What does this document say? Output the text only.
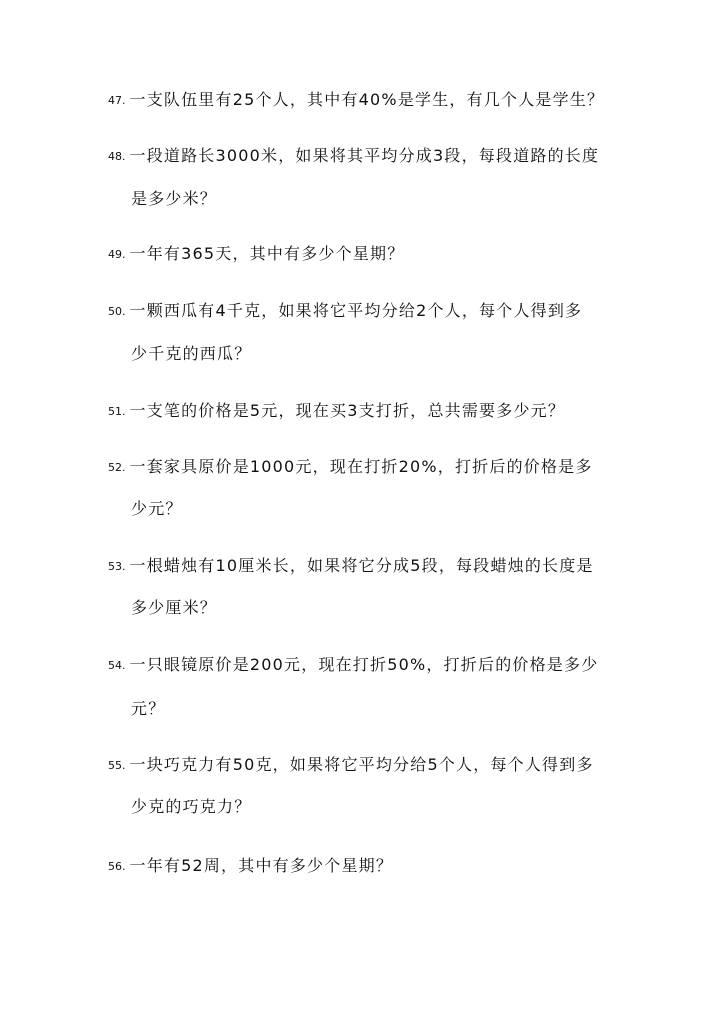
47. 一支队伍里有25个人，其中有40%是学生，有几个人是学生？
48. 一段道路长3000米，如果将其平均分成3段，每段道路的长度
是多少米？
49. 一年有365天，其中有多少个星期？
50. 一颗西瓜有4千克，如果将它平均分给2个人，每个人得到多
少千克的西瓜？
51. 一支笔的价格是5元，现在买3支打折，总共需要多少元？
52. 一套家具原价是1000元，现在打折20%，打折后的价格是多
少元？
53. 一根蜡烛有10厘米长，如果将它分成5段，每段蜡烛的长度是
多少厘米？
54. 一只眼镜原价是200元，现在打折50%，打折后的价格是多少
元？
55. 一块巧克力有50克，如果将它平均分给5个人，每个人得到多
少克的巧克力？
56. 一年有52周，其中有多少个星期？
